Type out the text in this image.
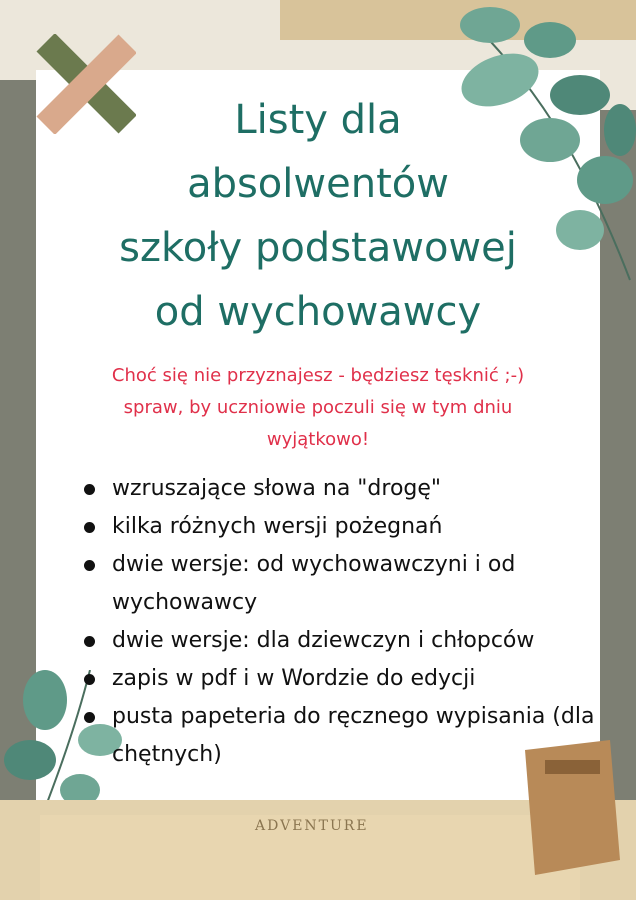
ADVENTURE
Listy dla
absolwentów
szkoły podstawowej
od wychowawcy
Choć się nie przyznajesz - będziesz tęsknić ;-)
spraw, by uczniowie poczuli się w tym dniu
wyjątkowo!
wzruszające słowa na "drogę"
kilka różnych wersji pożegnań
dwie wersje: od wychowawczyni i od wychowawcy
dwie wersje: dla dziewczyn i chłopców
zapis w pdf i w Wordzie do edycji
pusta papeteria do ręcznego wypisania (dla chętnych)
